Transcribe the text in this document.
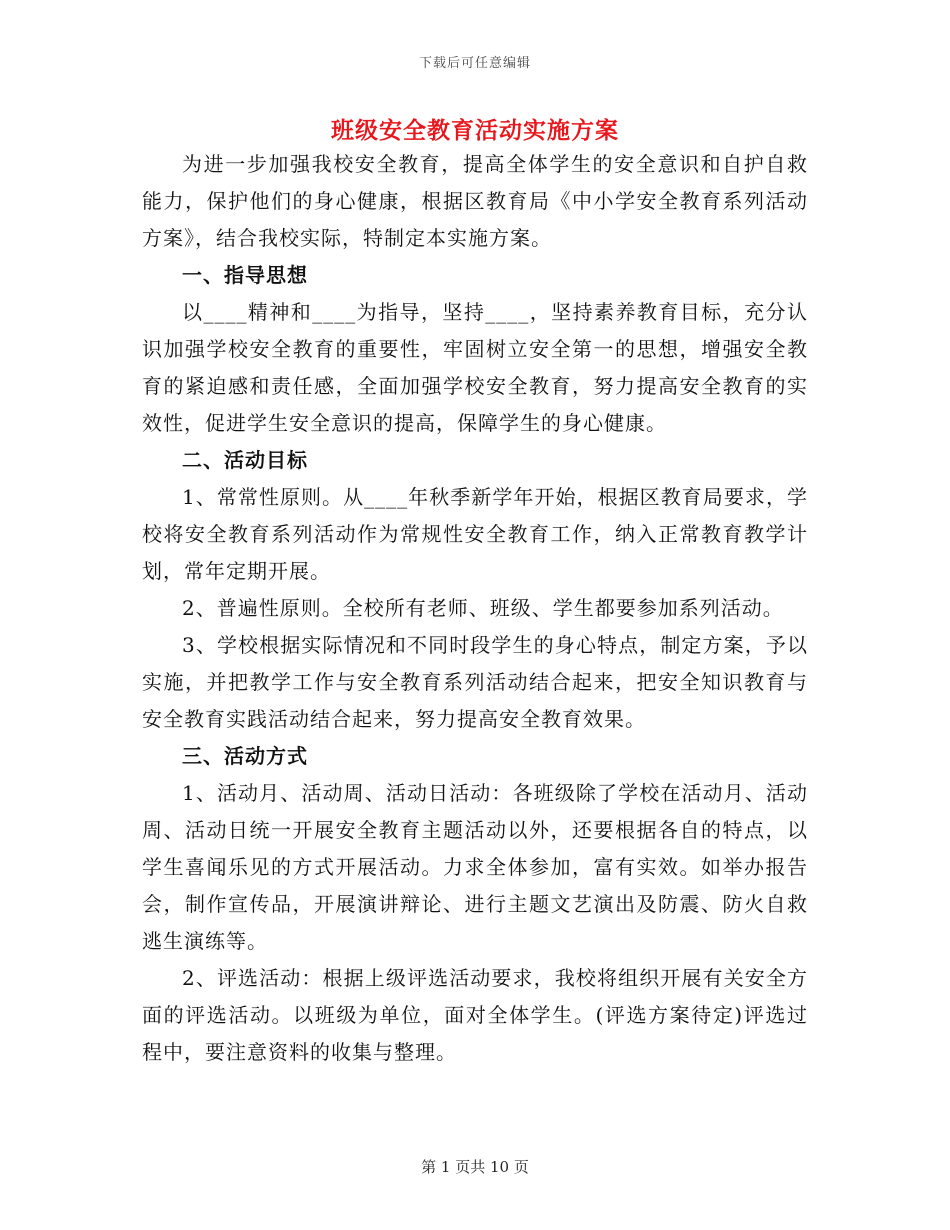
下载后可任意编辑
班级安全教育活动实施方案

为进一步加强我校安全教育，提高全体学生的安全意识和自护自救能力，保护他们的身心健康，根据区教育局《中小学安全教育系列活动方案》，结合我校实际，特制定本实施方案。

一、指导思想

以____精神和____为指导，坚持____，坚持素养教育目标，充分认识加强学校安全教育的重要性，牢固树立安全第一的思想，增强安全教育的紧迫感和责任感，全面加强学校安全教育，努力提高安全教育的实效性，促进学生安全意识的提高，保障学生的身心健康。

二、活动目标

1、常常性原则。从____年秋季新学年开始，根据区教育局要求，学校将安全教育系列活动作为常规性安全教育工作，纳入正常教育教学计划，常年定期开展。

2、普遍性原则。全校所有老师、班级、学生都要参加系列活动。

3、学校根据实际情况和不同时段学生的身心特点，制定方案，予以实施，并把教学工作与安全教育系列活动结合起来，把安全知识教育与安全教育实践活动结合起来，努力提高安全教育效果。

三、活动方式

1、活动月、活动周、活动日活动：各班级除了学校在活动月、活动周、活动日统一开展安全教育主题活动以外，还要根据各自的特点，以学生喜闻乐见的方式开展活动。力求全体参加，富有实效。如举办报告会，制作宣传品，开展演讲辩论、进行主题文艺演出及防震、防火自救逃生演练等。

2、评选活动：根据上级评选活动要求，我校将组织开展有关安全方面的评选活动。以班级为单位，面对全体学生。(评选方案待定)评选过程中，要注意资料的收集与整理。

第 1 页共 10 页
